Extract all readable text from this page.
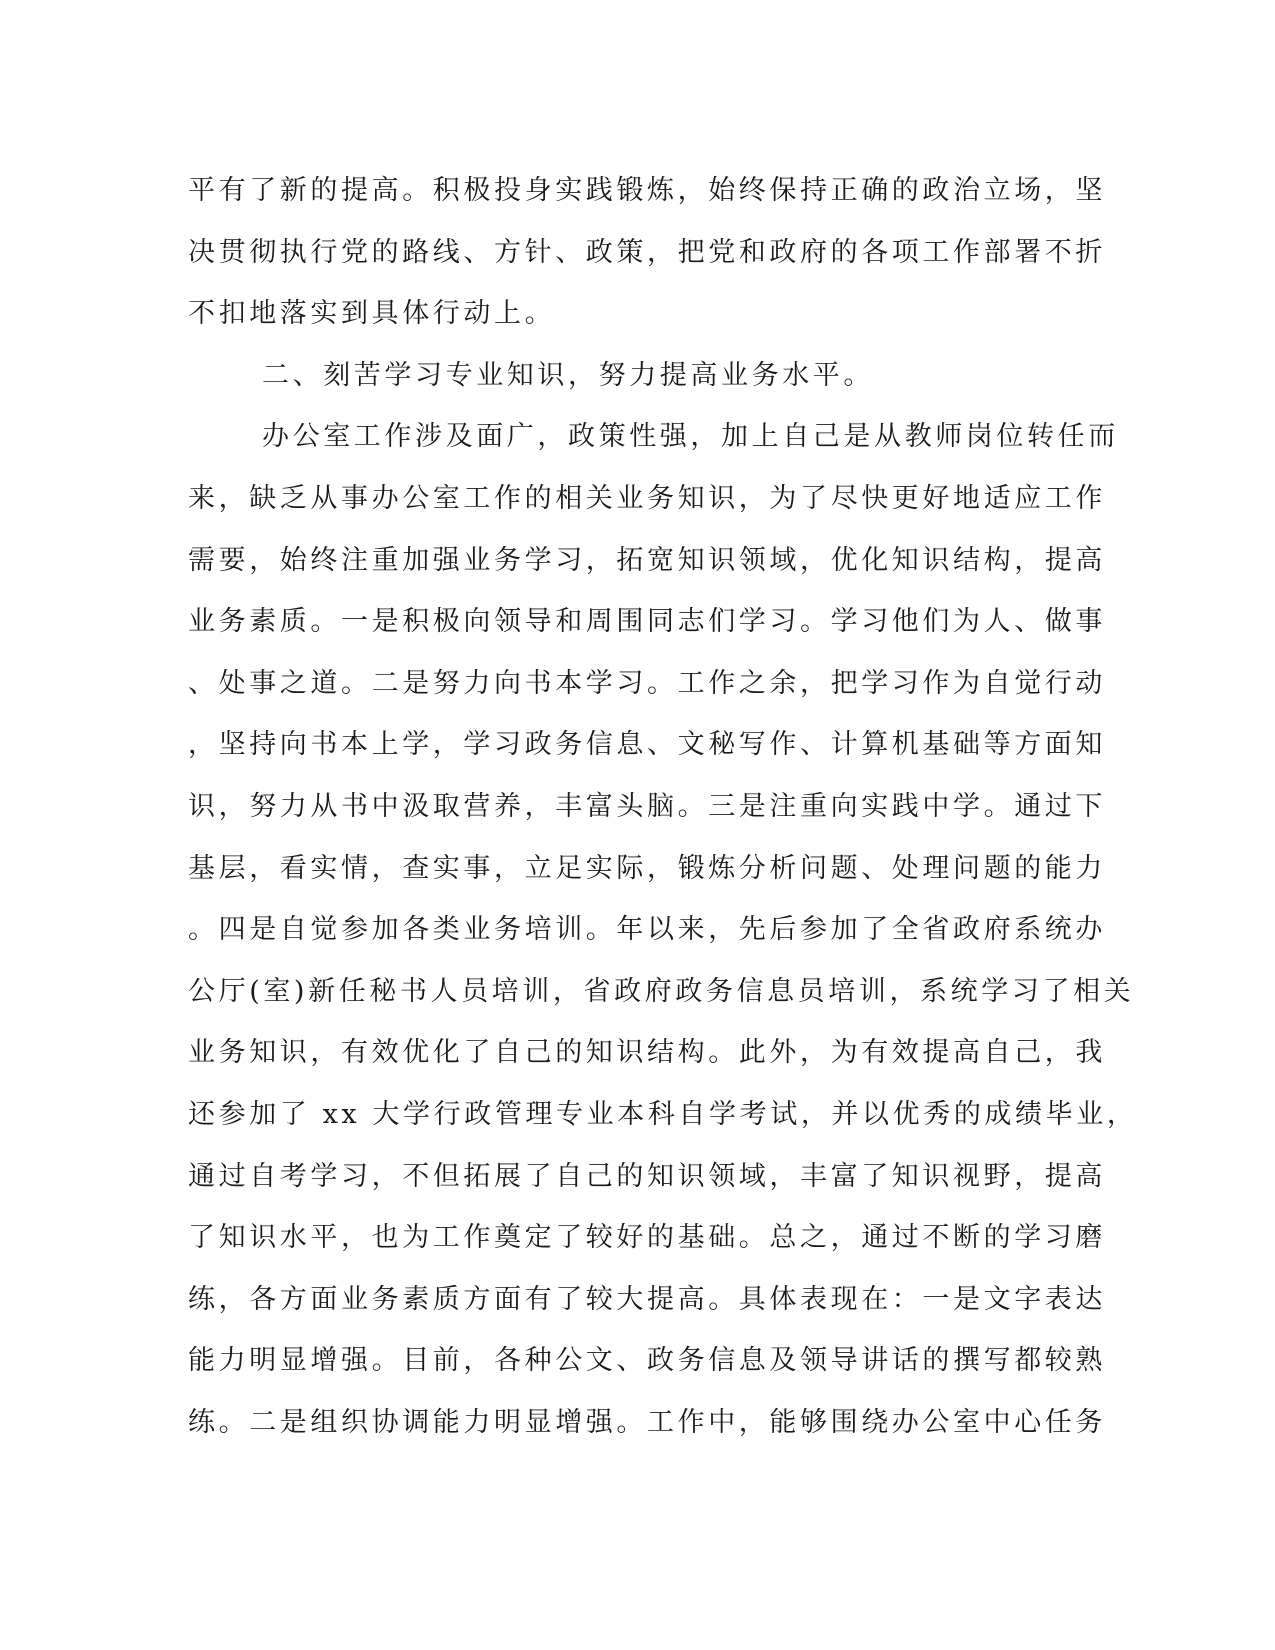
平有了新的提高。积极投身实践锻炼，始终保持正确的政治立场，坚
决贯彻执行党的路线、方针、政策，把党和政府的各项工作部署不折
不扣地落实到具体行动上。
二、刻苦学习专业知识，努力提高业务水平。
办公室工作涉及面广，政策性强，加上自己是从教师岗位转任而
来，缺乏从事办公室工作的相关业务知识，为了尽快更好地适应工作
需要，始终注重加强业务学习，拓宽知识领域，优化知识结构，提高
业务素质。一是积极向领导和周围同志们学习。学习他们为人、做事
、处事之道。二是努力向书本学习。工作之余，把学习作为自觉行动
，坚持向书本上学，学习政务信息、文秘写作、计算机基础等方面知
识，努力从书中汲取营养，丰富头脑。三是注重向实践中学。通过下
基层，看实情，查实事，立足实际，锻炼分析问题、处理问题的能力
。四是自觉参加各类业务培训。年以来，先后参加了全省政府系统办
公厅(室)新任秘书人员培训，省政府政务信息员培训，系统学习了相关
业务知识，有效优化了自己的知识结构。此外，为有效提高自己，我
还参加了 xx 大学行政管理专业本科自学考试，并以优秀的成绩毕业，
通过自考学习，不但拓展了自己的知识领域，丰富了知识视野，提高
了知识水平，也为工作奠定了较好的基础。总之，通过不断的学习磨
练，各方面业务素质方面有了较大提高。具体表现在：一是文字表达
能力明显增强。目前，各种公文、政务信息及领导讲话的撰写都较熟
练。二是组织协调能力明显增强。工作中，能够围绕办公室中心任务
